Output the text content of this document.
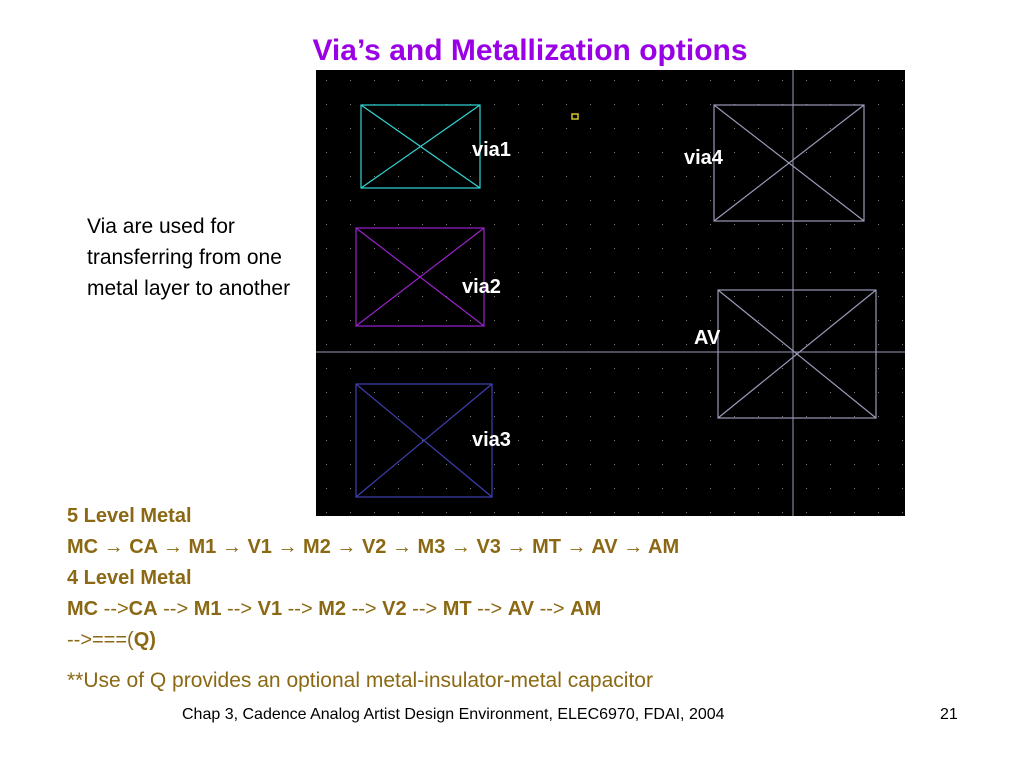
Via’s and Metallization options
via1
via2
via3
via4
AV
Via are used for transferring from one metal layer to another
5 Level Metal
MC → CA → M1 → V1 → M2 → V2 → M3 → V3 → MT → AV → AM
4 Level Metal
MC -->CA --> M1 --> V1 --> M2 --> V2 --> MT --> AV --> AM
-->===(Q)
**Use of Q provides an optional metal-insulator-metal capacitor
Chap 3, Cadence Analog Artist Design Environment, ELEC6970, FDAI, 2004	21
